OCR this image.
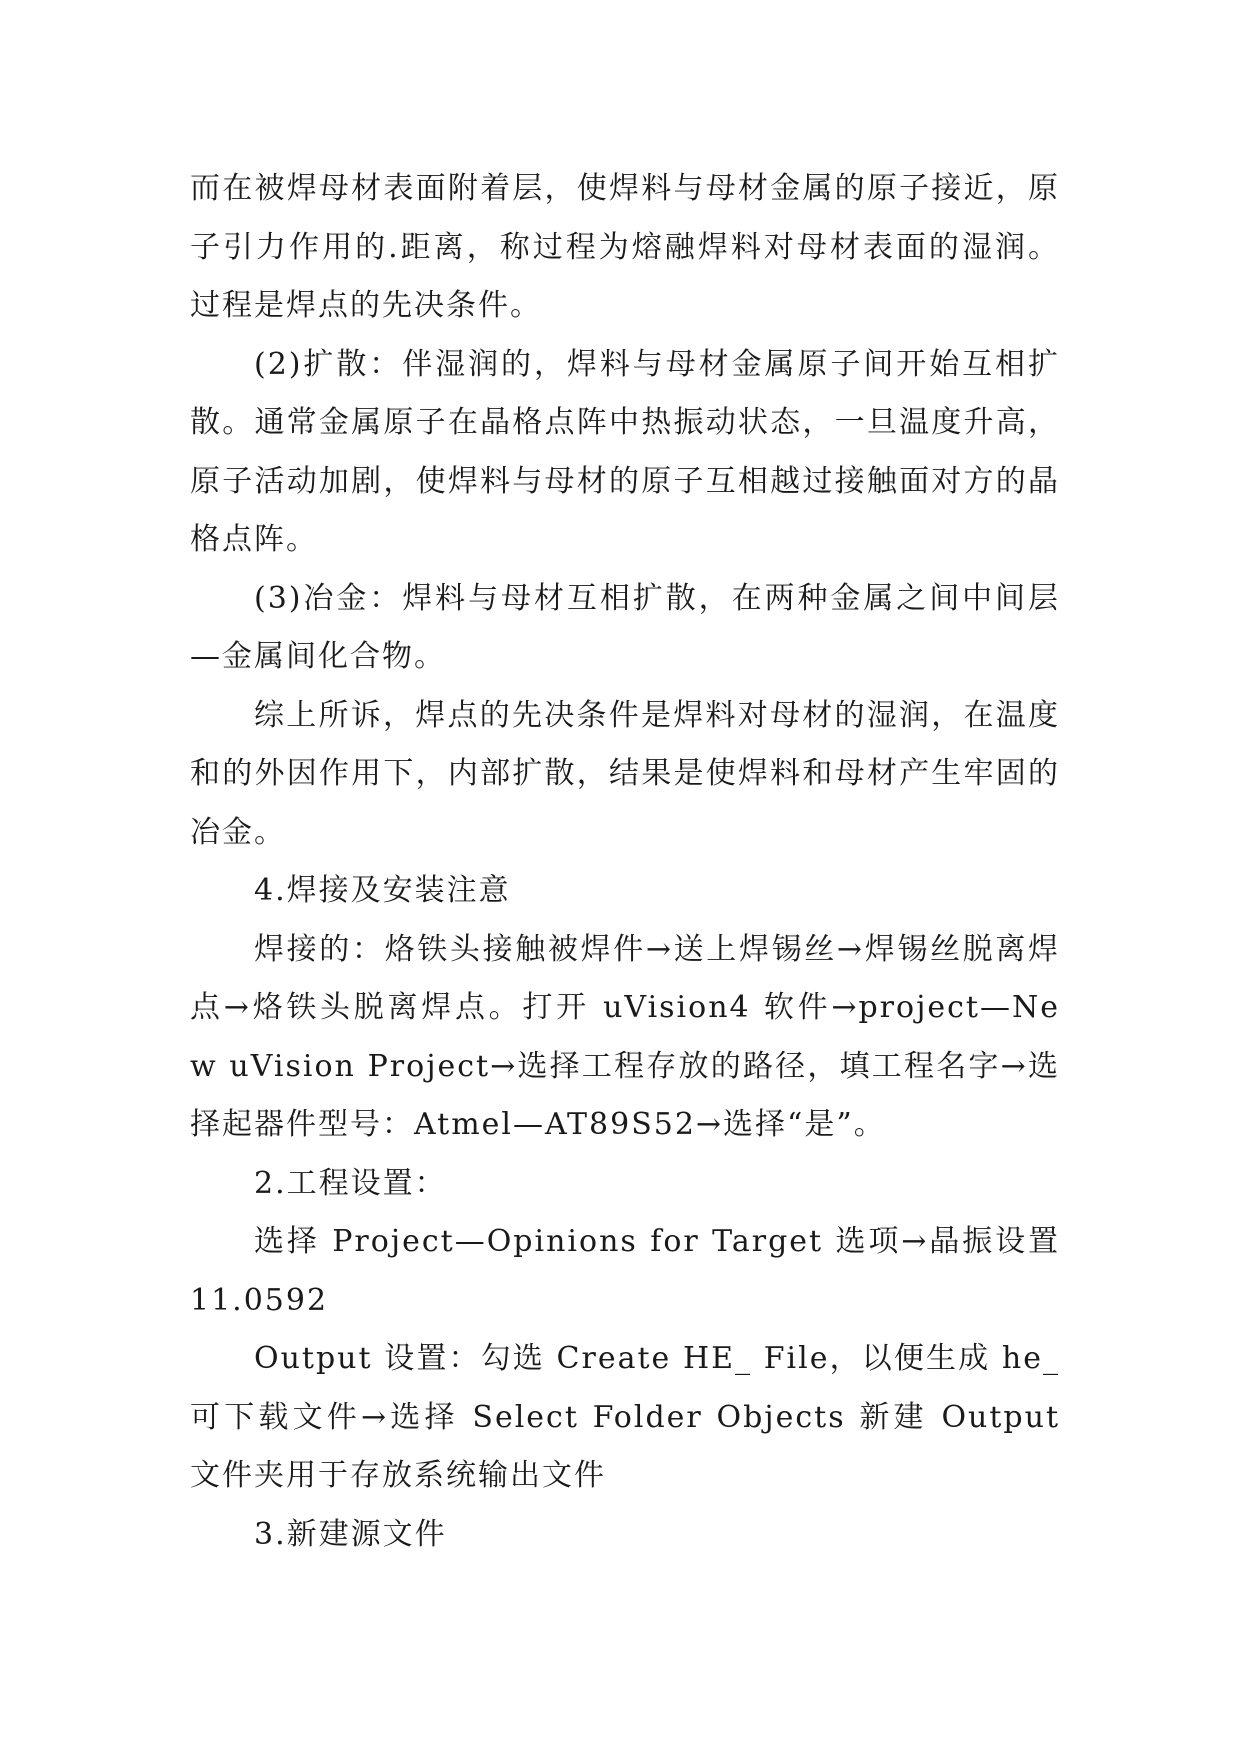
而在被焊母材表面附着层，使焊料与母材金属的原子接近，原子引力作用的.距离，称过程为熔融焊料对母材表面的湿润。过程是焊点的先决条件。

(2)扩散：伴湿润的，焊料与母材金属原子间开始互相扩散。通常金属原子在晶格点阵中热振动状态，一旦温度升高，原子活动加剧，使焊料与母材的原子互相越过接触面对方的晶格点阵。

(3)冶金：焊料与母材互相扩散，在两种金属之间中间层—金属间化合物。

综上所诉，焊点的先决条件是焊料对母材的湿润，在温度和的外因作用下，内部扩散，结果是使焊料和母材产生牢固的冶金。

4.焊接及安装注意

焊接的：烙铁头接触被焊件→送上焊锡丝→焊锡丝脱离焊点→烙铁头脱离焊点。打开 uVision4 软件→project—New uVision Project→选择工程存放的路径，填工程名字→选择起器件型号：Atmel—AT89S52→选择“是”。

2.工程设置：

选择 Project—Opinions for Target 选项→晶振设置 11.0592

Output 设置：勾选 Create HE_ File，以便生成 he_可下载文件→选择 Select Folder Objects 新建 Output 文件夹用于存放系统输出文件

3.新建源文件
